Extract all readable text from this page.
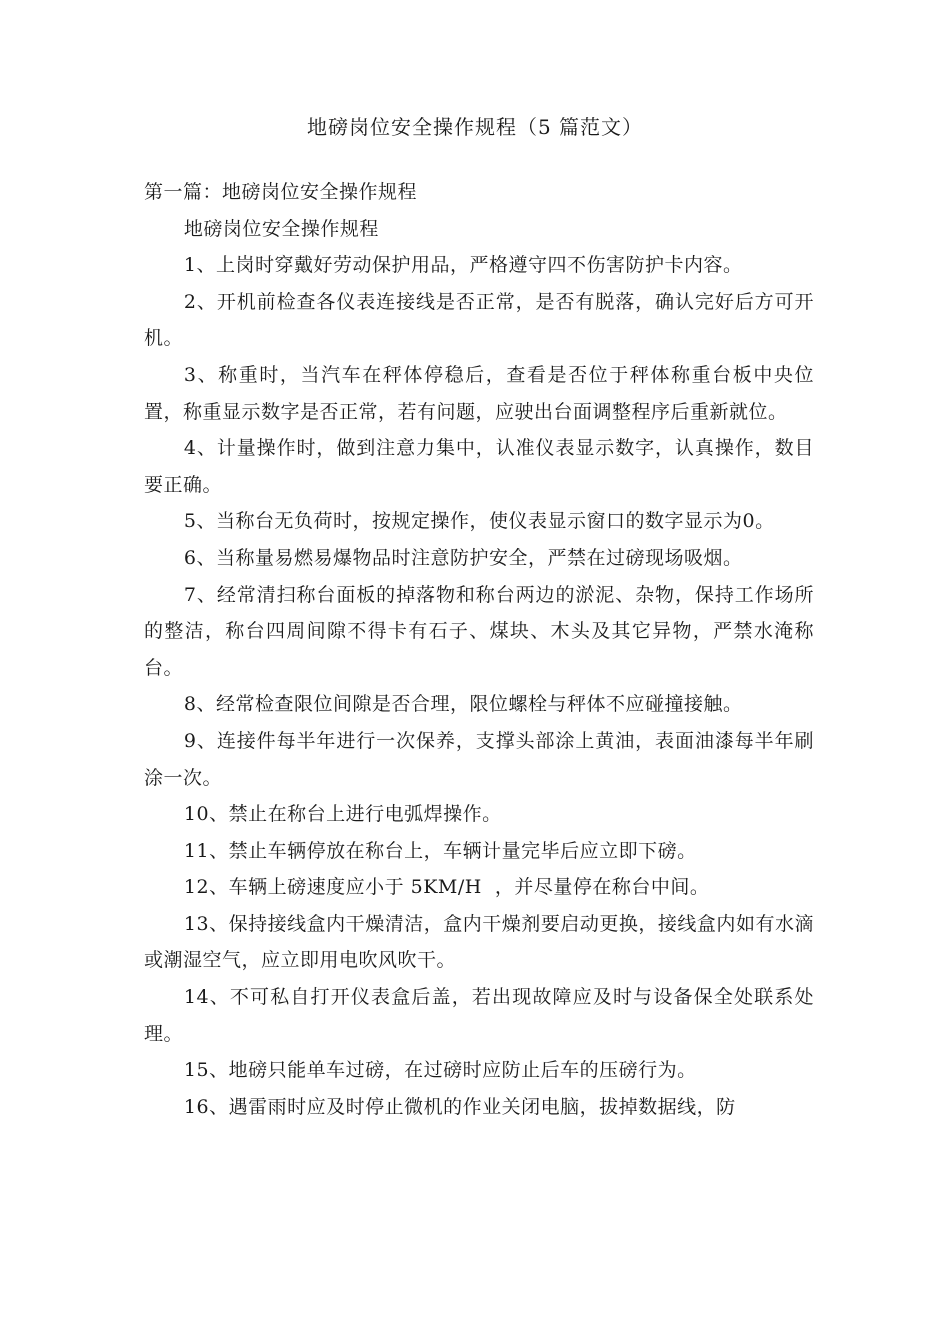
地磅岗位安全操作规程（5 篇范文）

第一篇：地磅岗位安全操作规程

地磅岗位安全操作规程

1、上岗时穿戴好劳动保护用品，严格遵守四不伤害防护卡内容。

2、开机前检查各仪表连接线是否正常，是否有脱落，确认完好后方可开机。

3、称重时，当汽车在秤体停稳后，查看是否位于秤体称重台板中央位置，称重显示数字是否正常，若有问题，应驶出台面调整程序后重新就位。

4、计量操作时，做到注意力集中，认准仪表显示数字，认真操作，数目要正确。

5、当称台无负荷时，按规定操作，使仪表显示窗口的数字显示为0。

6、当称量易燃易爆物品时注意防护安全，严禁在过磅现场吸烟。

7、经常清扫称台面板的掉落物和称台两边的淤泥、杂物，保持工作场所的整洁，称台四周间隙不得卡有石子、煤块、木头及其它异物，严禁水淹称台。

8、经常检查限位间隙是否合理，限位螺栓与秤体不应碰撞接触。

9、连接件每半年进行一次保养，支撑头部涂上黄油，表面油漆每半年刷涂一次。

10、禁止在称台上进行电弧焊操作。

11、禁止车辆停放在称台上，车辆计量完毕后应立即下磅。

12、车辆上磅速度应小于 5KM/H  ，并尽量停在称台中间。

13、保持接线盒内干燥清洁，盒内干燥剂要启动更换，接线盒内如有水滴或潮湿空气，应立即用电吹风吹干。

14、不可私自打开仪表盒后盖，若出现故障应及时与设备保全处联系处理。

15、地磅只能单车过磅，在过磅时应防止后车的压磅行为。

16、遇雷雨时应及时停止微机的作业关闭电脑，拔掉数据线，防
